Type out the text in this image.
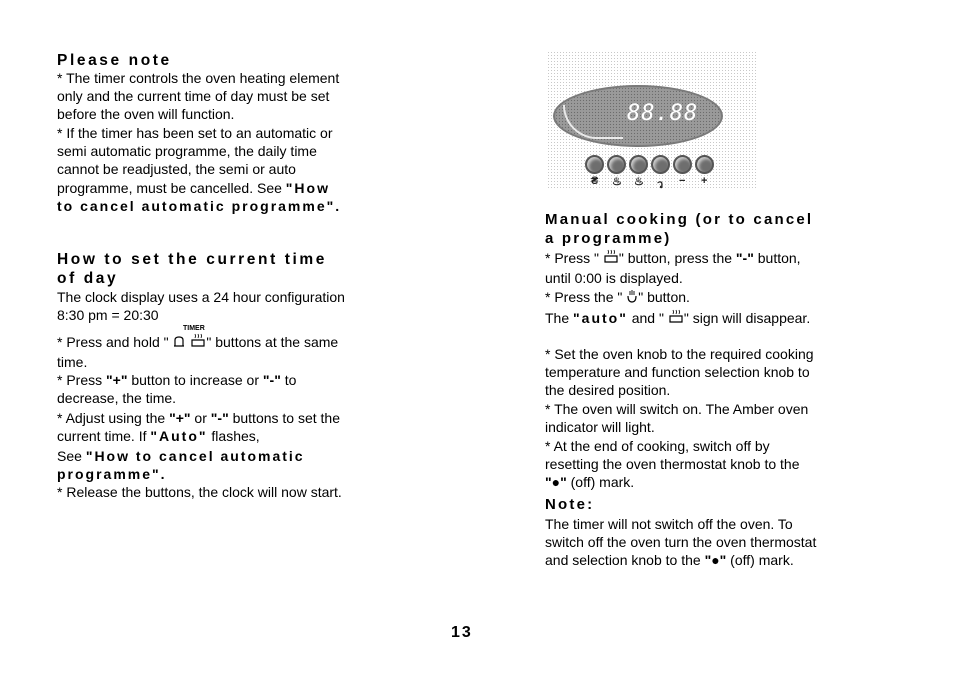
Please note
* The timer controls the oven heating element only and the current time of day must be set before the oven will function.
* If the timer has been set to an automatic or semi automatic programme, the daily time cannot be readjusted, the semi or auto programme, must be cancelled. See "How to cancel automatic programme".
How to set the current time of day
The clock display uses a 24 hour configuration
8:30 pm = 20:30
TIMER
* Press and hold "	" buttons at the same time.
* Press "+" button to increase or "-" to decrease, the time.
* Adjust using the "+" or "-" buttons to set the current time. If "Auto" flashes,
See "How to cancel automatic programme".
* Release the buttons, the clock will now start.
88.88
₴ ♨ ♨ ว − +
Manual cooking (or to cancel a programme)
* Press " " button, press the "-" button, until 0:00 is displayed.
* Press the " " button.
The "auto" and " " sign will disappear.
* Set the oven knob to the required cooking temperature and function selection knob to the desired position.
* The oven will switch on. The Amber oven indicator will light.
* At the end of cooking, switch off by resetting the oven thermostat knob to the "●" (off) mark.
Note:
The timer will not switch off the oven. To switch off the oven turn the oven thermostat and selection knob to the "●" (off) mark.
13
